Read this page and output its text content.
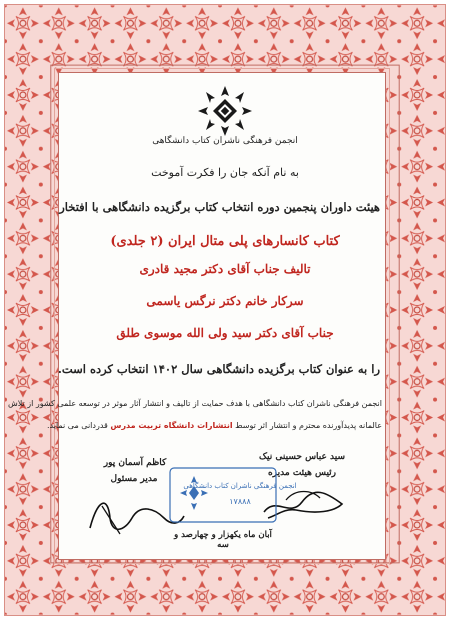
انجمن فرهنگی ناشران کتاب دانشگاهی
به نام آنکه جان را فکرت آموخت
هیئت داوران پنجمین دوره انتخاب کتاب برگزیده دانشگاهی با افتخار
کتاب کانسارهای پلی متال ایران (۲ جلدی)
تالیف جناب آقای دکتر مجید قادری
سرکار خانم دکتر نرگس یاسمی
جناب آقای دکتر سید ولی الله موسوی طلق
را به عنوان کتاب برگزیده دانشگاهی سال ۱۴۰۲ انتخاب کرده است.
انجمن فرهنگی ناشران کتاب دانشگاهی با هدف حمایت از تالیف و انتشار آثار موثر در توسعه علمی کشور از تلاش
عالمانه پدیدآورنده محترم و انتشار اثر توسط انتشارات دانشگاه تربیت مدرس قدردانی می نماید.
سید عباس حسینی نیک
رئیس هیئت مدیره
کاظم آسمان پور
مدیر مسئول
انجمن فرهنگی ناشران کتاب دانشگاهی
۱۷۸۸۸
آبان ماه یکهزار و چهارصد و سه
